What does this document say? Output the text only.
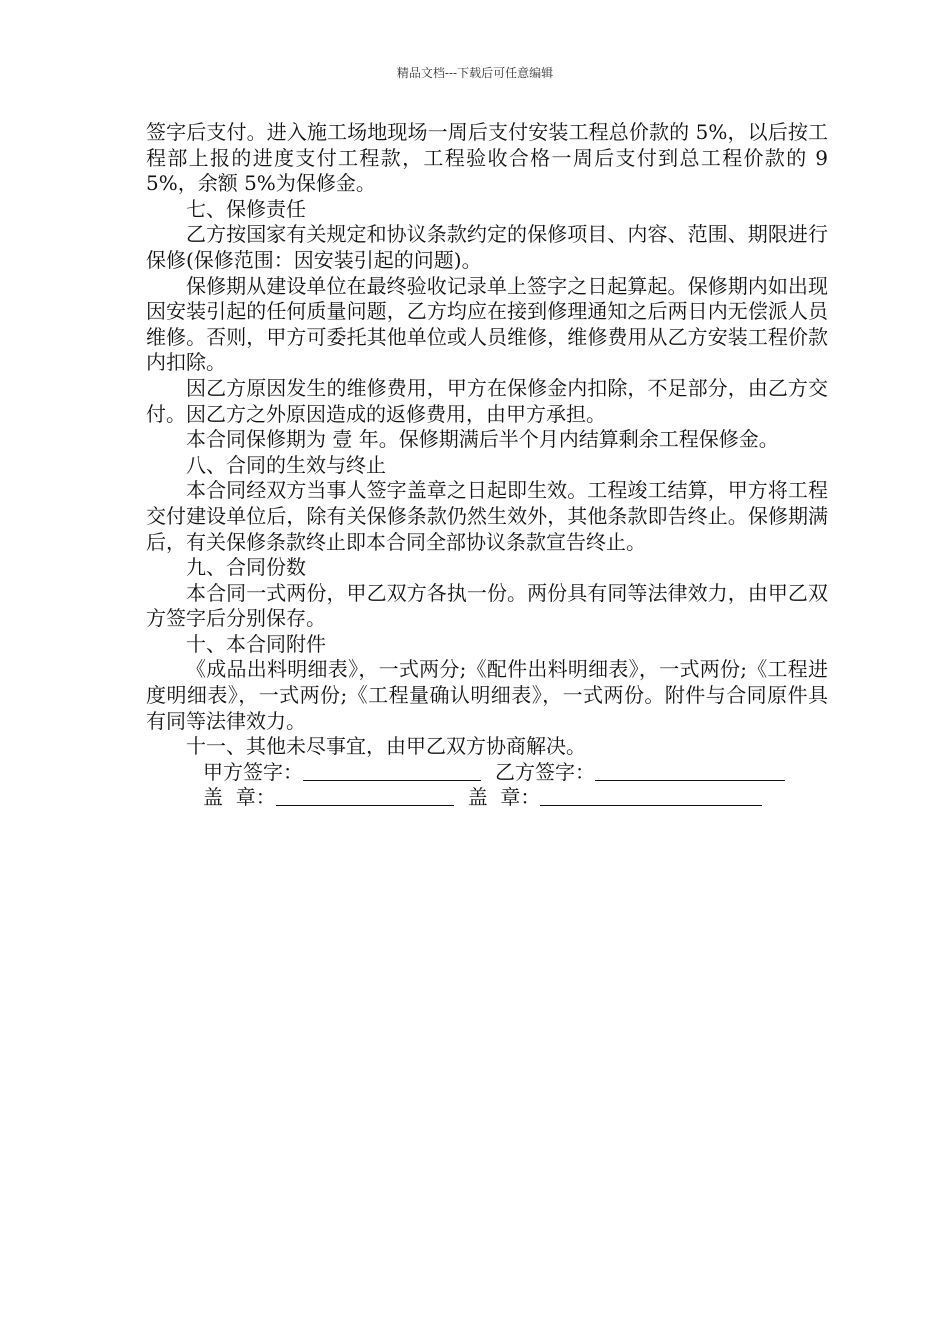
精品文档---下载后可任意编辑

签字后支付。进入施工场地现场一周后支付安装工程总价款的 5%，以后按工程部上报的进度支付工程款，工程验收合格一周后支付到总工程价款的 95%，余额 5%为保修金。

七、保修责任

乙方按国家有关规定和协议条款约定的保修项目、内容、范围、期限进行保修(保修范围：因安装引起的问题)。

保修期从建设单位在最终验收记录单上签字之日起算起。保修期内如出现因安装引起的任何质量问题，乙方均应在接到修理通知之后两日内无偿派人员维修。否则，甲方可委托其他单位或人员维修，维修费用从乙方安装工程价款内扣除。

因乙方原因发生的维修费用，甲方在保修金内扣除，不足部分，由乙方交付。因乙方之外原因造成的返修费用，由甲方承担。

本合同保修期为 壹 年。保修期满后半个月内结算剩余工程保修金。

八、合同的生效与终止

本合同经双方当事人签字盖章之日起即生效。工程竣工结算，甲方将工程交付建设单位后，除有关保修条款仍然生效外，其他条款即告终止。保修期满后，有关保修条款终止即本合同全部协议条款宣告终止。

九、合同份数

本合同一式两份，甲乙双方各执一份。两份具有同等法律效力，由甲乙双方签字后分别保存。

十、本合同附件

《成品出料明细表》，一式两分;《配件出料明细表》，一式两份;《工程进度明细表》，一式两份;《工程量确认明细表》，一式两份。附件与合同原件具有同等法律效力。

十一、其他未尽事宜，由甲乙双方协商解决。

甲方签字：	乙方签字：

盖  章：	盖  章：
